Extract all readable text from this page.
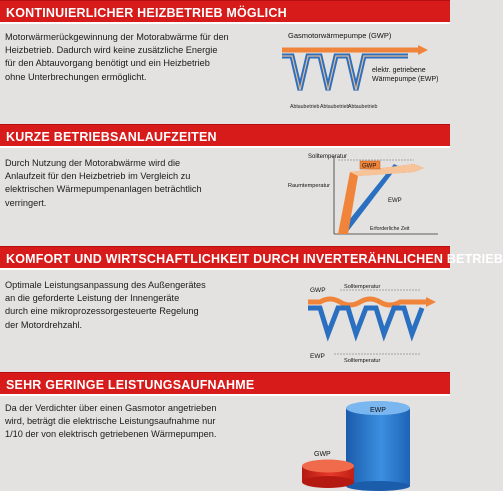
KONTINUIERLICHER HEIZBETRIEB MÖGLICH
Motorwärmerückgewinnung der Motorabwärme für den
Heizbetrieb. Dadurch wird keine zusätzliche Energie
für den Abtauvorgang benötigt und ein Heizbetrieb
ohne Unterbrechungen ermöglicht.
Gasmotorwärmepumpe (GWP)
elektr. getriebene
Wärmepumpe (EWP)
Abtaubetrieb Abtaubetrieb
Abtaubetrieb
KURZE BETRIEBSANLAUFZEITEN
Durch Nutzung der Motorabwärme wird die
Anlaufzeit für den Heizbetrieb im Vergleich zu
elektrischen Wärmepumpenanlagen beträchtlich
verringert.
Solltemperatur
GWP
Raumtemperatur
EWP
Erforderliche Zeit
KOMFORT UND WIRTSCHAFTLICHKEIT DURCH INVERTERÄHNLICHEN BETRIEB
Optimale Leistungsanpassung des Außengerätes
an die geforderte Leistung der Innengeräte
durch eine mikroprozessorgesteuerte Regelung
der Motordrehzahl.
GWP	Solltemperatur
EWP
Solltemperatur
SEHR GERINGE LEISTUNGSAUFNAHME
Da der Verdichter über einen Gasmotor angetrieben
wird, beträgt die elektrische Leistungsaufnahme nur
1/10 der von elektrisch getriebenen Wärmepumpen.
EWP
GWP
